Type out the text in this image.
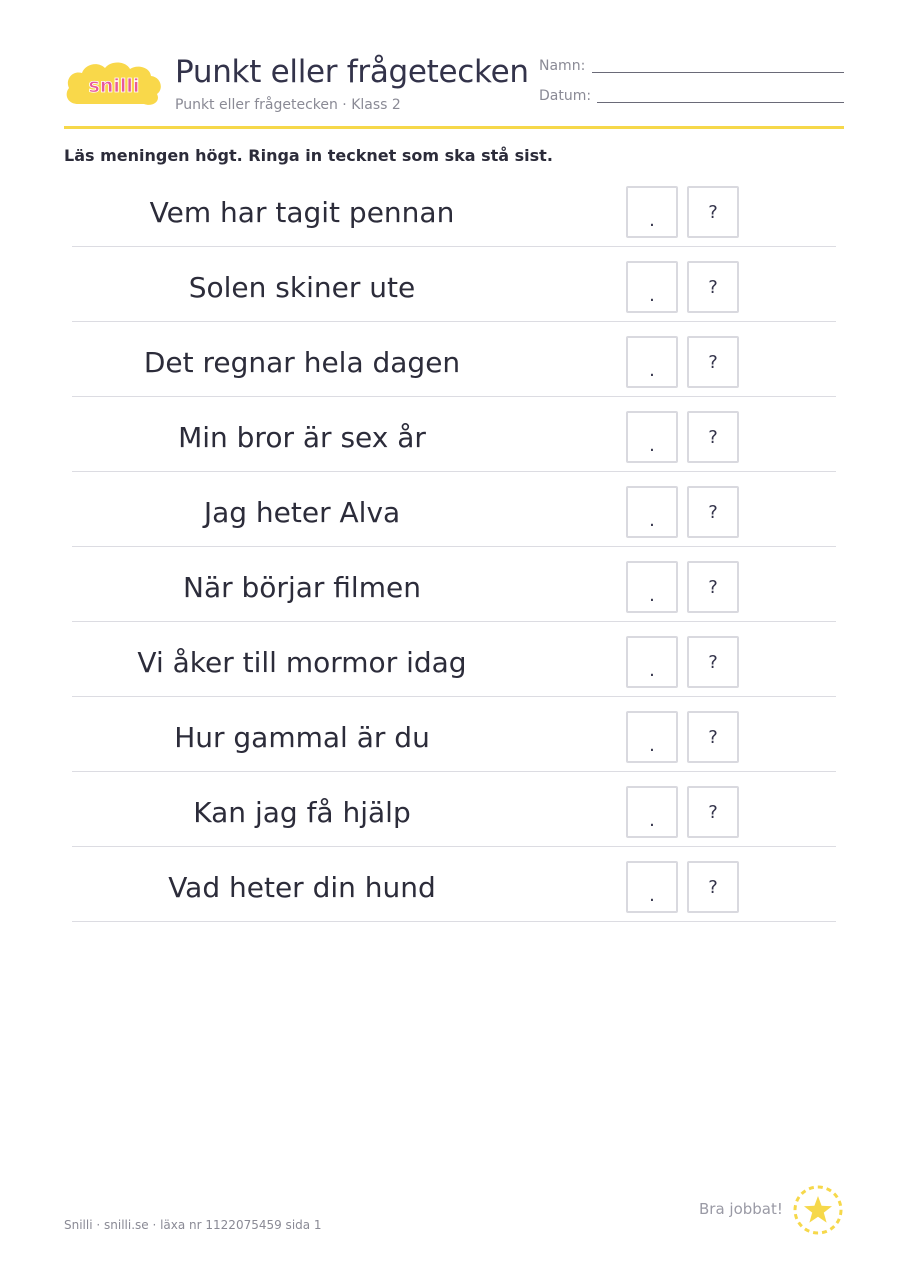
snilli Punkt eller frågetecken
Punkt eller frågetecken · Klass 2
Namn:
Datum:
Läs meningen högt. Ringa in tecknet som ska stå sist.
Vem har tagit pennan	.	?
Solen skiner ute	.	?
Det regnar hela dagen	.	?
Min bror är sex år	.	?
Jag heter Alva	.	?
När börjar filmen	.	?
Vi åker till mormor idag	.	?
Hur gammal är du	.	?
Kan jag få hjälp	.	?
Vad heter din hund	.	?
Snilli · snilli.se · läxa nr 1122075459 sida 1
Bra jobbat!
